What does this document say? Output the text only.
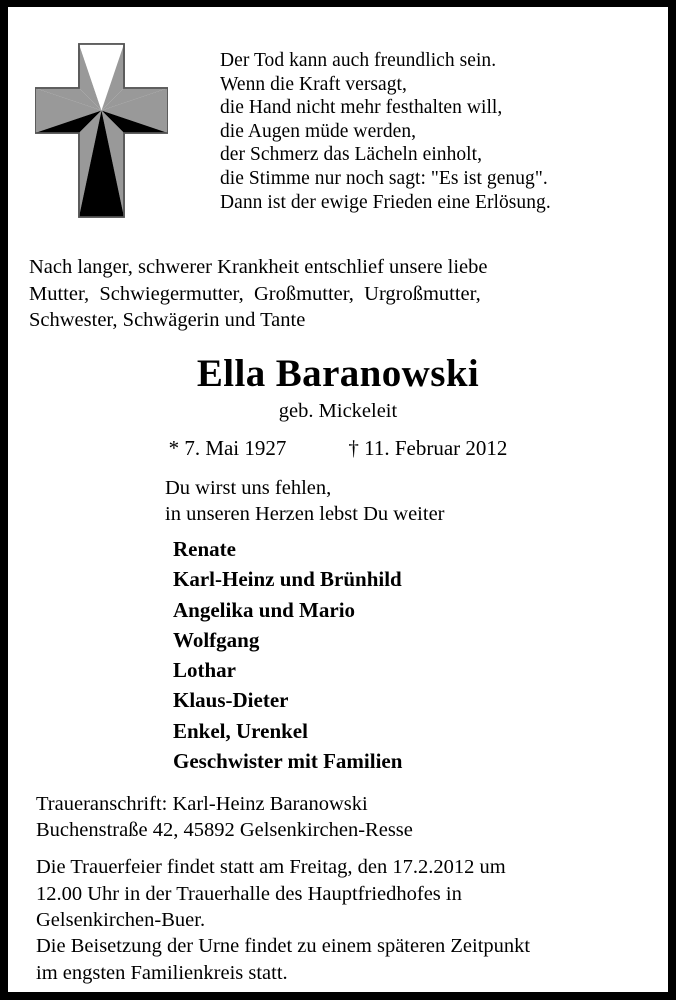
Der Tod kann auch freundlich sein.
Wenn die Kraft versagt,
die Hand nicht mehr festhalten will,
die Augen müde werden,
der Schmerz das Lächeln einholt,
die Stimme nur noch sagt: "Es ist genug".
Dann ist der ewige Frieden eine Erlösung.
Nach langer, schwerer Krankheit entschlief unsere liebe
Mutter,  Schwiegermutter,  Großmutter,  Urgroßmutter,
Schwester, Schwägerin und Tante
Ella Baranowski
geb. Mickeleit
* 7. Mai 1927	† 11. Februar 2012
Du wirst uns fehlen,
in unseren Herzen lebst Du weiter
Renate
Karl-Heinz und Brünhild
Angelika und Mario
Wolfgang
Lothar
Klaus-Dieter
Enkel, Urenkel
Geschwister mit Familien
Traueranschrift: Karl-Heinz Baranowski
Buchenstraße 42, 45892 Gelsenkirchen-Resse
Die Trauerfeier findet statt am Freitag, den 17.2.2012 um
12.00 Uhr in der Trauerhalle des Hauptfriedhofes in
Gelsenkirchen-Buer.
Die Beisetzung der Urne findet zu einem späteren Zeitpunkt
im engsten Familienkreis statt.
